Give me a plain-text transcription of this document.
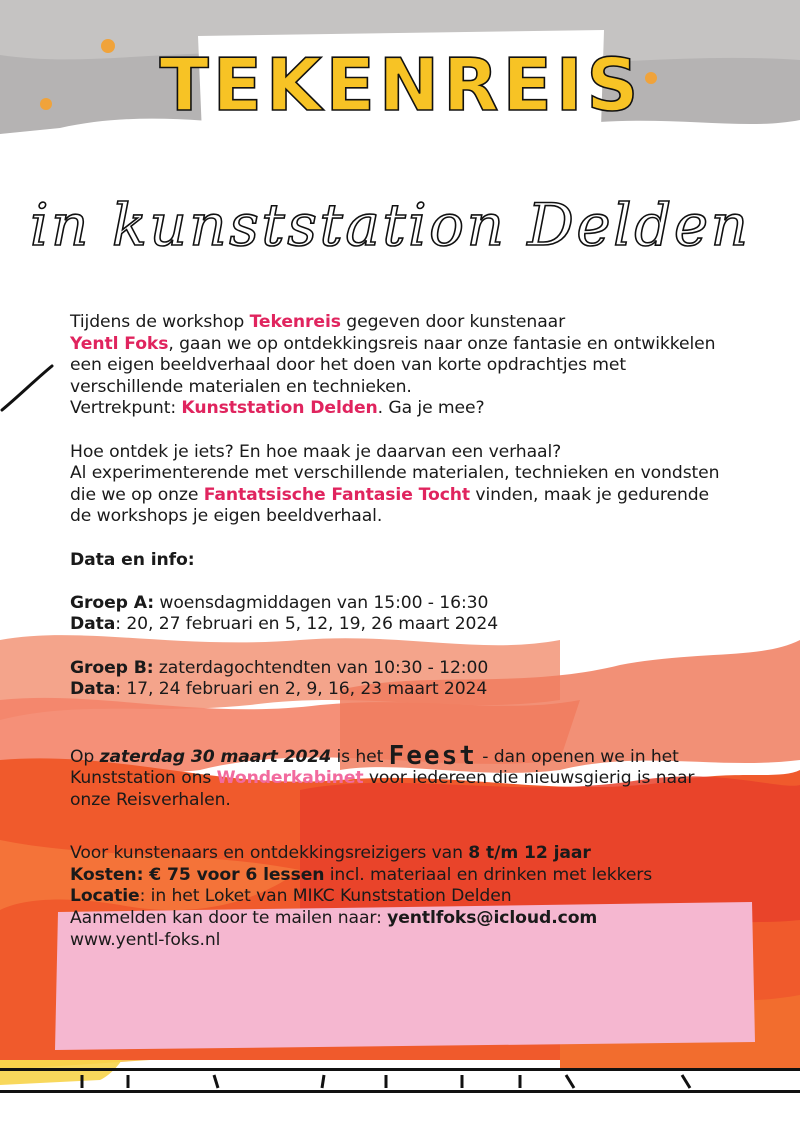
TEKENREIS
in kunststation Delden

Tijdens de workshop Tekenreis gegeven door kunstenaar
Yentl Foks, gaan we op ontdekkingsreis naar onze fantasie en ontwikkelen een eigen beeldverhaal door het doen van korte opdrachtjes met verschillende materialen en technieken.
Vertrekpunt: Kunststation Delden. Ga je mee?

Hoe ontdek je iets? En hoe maak je daarvan een verhaal?
Al experimenterende met verschillende materialen, technieken en vondsten die we op onze Fantatsische Fantasie Tocht vinden, maak je gedurende de workshops je eigen beeldverhaal.

Data en info:

Groep A: woensdagmiddagen van 15:00 - 16:30
Data: 20, 27 februari en 5, 12, 19, 26 maart 2024

Groep B: zaterdagochtendten van 10:30 - 12:00
Data: 17, 24 februari en 2, 9, 16, 23 maart 2024

Op zaterdag 30 maart 2024 is het Feest - dan openen we in het Kunststation ons Wonderkabinet voor iedereen die nieuwsgierig is naar onze Reisverhalen.

Voor kunstenaars en ontdekkingsreizigers van 8 t/m 12 jaar
Kosten: € 75 voor 6 lessen incl. materiaal en drinken met lekkers
Locatie: in het Loket van MIKC Kunststation Delden
Aanmelden kan door te mailen naar: yentlfoks@icloud.com
www.yentl-foks.nl
